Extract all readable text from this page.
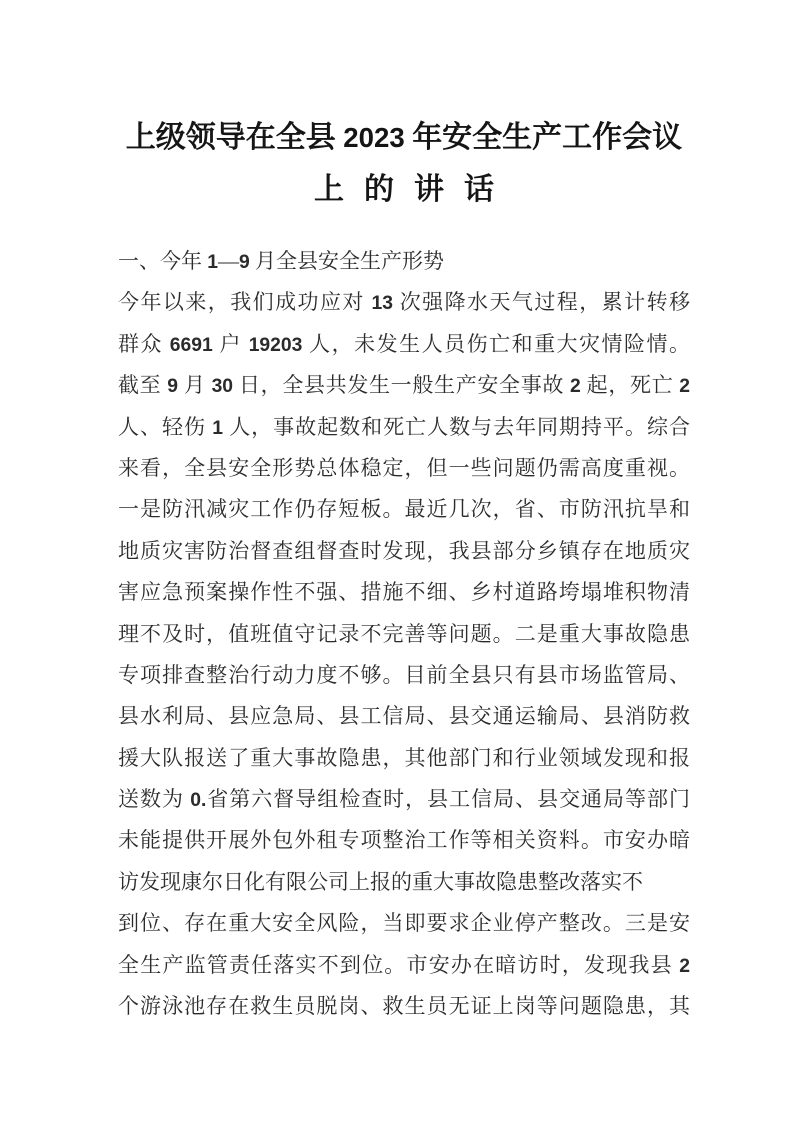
上级领导在全县 2023 年安全生产工作会议
上的讲话
一、今年 1—9 月全县安全生产形势
今年以来，我们成功应对 13 次强降水天气过程，累计转移
群众 6691 户 19203 人，未发生人员伤亡和重大灾情险情。
截至 9 月 30 日，全县共发生一般生产安全事故 2 起，死亡 2
人、轻伤 1 人，事故起数和死亡人数与去年同期持平。综合
来看，全县安全形势总体稳定，但一些问题仍需高度重视。
一是防汛减灾工作仍存短板。最近几次，省、市防汛抗旱和
地质灾害防治督查组督查时发现，我县部分乡镇存在地质灾
害应急预案操作性不强、措施不细、乡村道路垮塌堆积物清
理不及时，值班值守记录不完善等问题。二是重大事故隐患
专项排查整治行动力度不够。目前全县只有县市场监管局、
县水利局、县应急局、县工信局、县交通运输局、县消防救
援大队报送了重大事故隐患，其他部门和行业领域发现和报
送数为 0.省第六督导组检查时，县工信局、县交通局等部门
未能提供开展外包外租专项整治工作等相关资料。市安办暗
访发现康尔日化有限公司上报的重大事故隐患整改落实不
到位、存在重大安全风险，当即要求企业停产整改。三是安
全生产监管责任落实不到位。市安办在暗访时，发现我县 2
个游泳池存在救生员脱岗、救生员无证上岗等问题隐患，其
